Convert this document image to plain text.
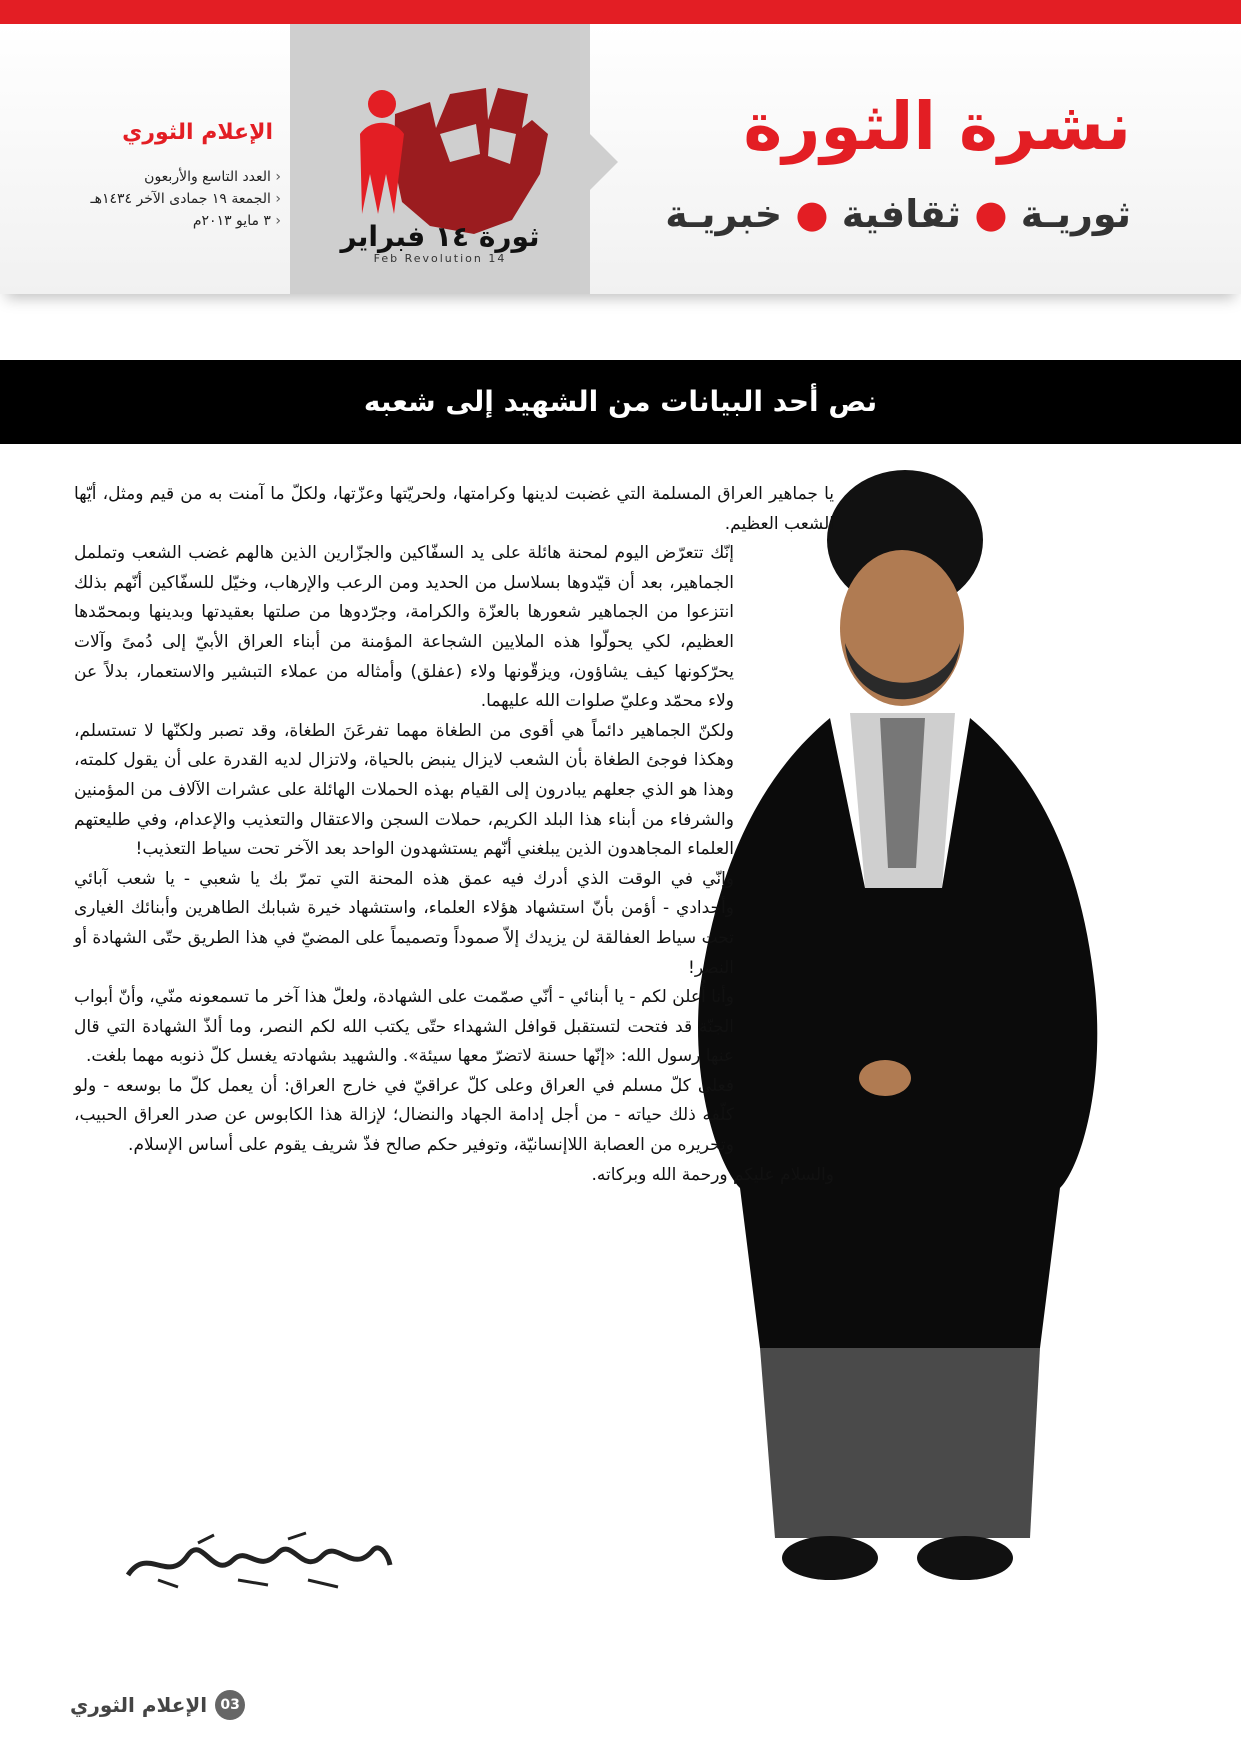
ثورة ١٤ فبراير
14 Feb Revolution
نشرة الثورة
ثوريـة ● ثقافية ● خبريـة
الإعلام الثوري
‹ العدد التاسع والأربعون
‹ الجمعة ١٩ جمادى الآخر ١٤٣٤هـ
‹ ٣ مايو ٢٠١٣م
نص أحد البيانات من الشهيد إلى شعبه

يا جماهير العراق المسلمة التي غضبت لدينها وكرامتها، ولحريّتها وعزّتها، ولكلّ ما آمنت به من قيم ومثل، أيّها الشعب العظيم.

إنّك تتعرّض اليوم لمحنة هائلة على يد السفّاكين والجزّارين الذين هالهم غضب الشعب وتململ الجماهير، بعد أن قيّدوها بسلاسل من الحديد ومن الرعب والإرهاب، وخيّل للسفّاكين أنّهم بذلك انتزعوا من الجماهير شعورها بالعزّة والكرامة، وجرّدوها من صلتها بعقيدتها وبدينها وبمحمّدها العظيم، لكي يحولّوا هذه الملايين الشجاعة المؤمنة من أبناء العراق الأبيّ إلى دُمىً وآلات يحرّكونها كيف يشاؤون، ويزقّونها ولاء (عفلق) وأمثاله من عملاء التبشير والاستعمار، بدلاً عن ولاء محمّد وعليّ صلوات الله عليهما.

ولكنّ الجماهير دائماً هي أقوى من الطغاة مهما تفرعَنَ الطغاة، وقد تصبر ولكنّها لا تستسلم، وهكذا فوجئ الطغاة بأن الشعب لايزال ينبض بالحياة، ولاتزال لديه القدرة على أن يقول كلمته، وهذا هو الذي جعلهم يبادرون إلى القيام بهذه الحملات الهائلة على عشرات الآلاف من المؤمنين والشرفاء من أبناء هذا البلد الكريم، حملات السجن والاعتقال والتعذيب والإعدام، وفي طليعتهم العلماء المجاهدون الذين يبلغني أنّهم يستشهدون الواحد بعد الآخر تحت سياط التعذيب!

وإنّي في الوقت الذي أدرك فيه عمق هذه المحنة التي تمرّ بك يا شعبي - يا شعب آبائي وأجدادي - أؤمن بأنّ استشهاد هؤلاء العلماء، واستشهاد خيرة شبابك الطاهرين وأبنائك الغيارى تحت سياط العفالقة لن يزيدك إلاّ صموداً وتصميماً على المضيّ في هذا الطريق حتّى الشهادة أو النصر!

وأنا أُعلن لكم - يا أبنائي - أنّي صمّمت على الشهادة، ولعلّ هذا آخر ما تسمعونه منّي، وأنّ أبواب الجنّة قد فتحت لتستقبل قوافل الشهداء حتّى يكتب الله لكم النصر، وما ألذّ الشهادة التي قال عنها رسول الله: «إنّها حسنة لاتضرّ معها سيئة». والشهيد بشهادته يغسل كلّ ذنوبه مهما بلغت.

فعلى كلّ مسلم في العراق وعلى كلّ عراقيّ في خارج العراق: أن يعمل كلّ ما بوسعه - ولو كلّفه ذلك حياته - من أجل إدامة الجهاد والنضال؛ لإزالة هذا الكابوس عن صدر العراق الحبيب، وتحريره من العصابة اللاإنسانيّة، وتوفير حكم صالح فذّ شريف يقوم على أساس الإسلام.

والسلام عليكم ورحمة الله وبركاته.

03
الإعلام الثوري
